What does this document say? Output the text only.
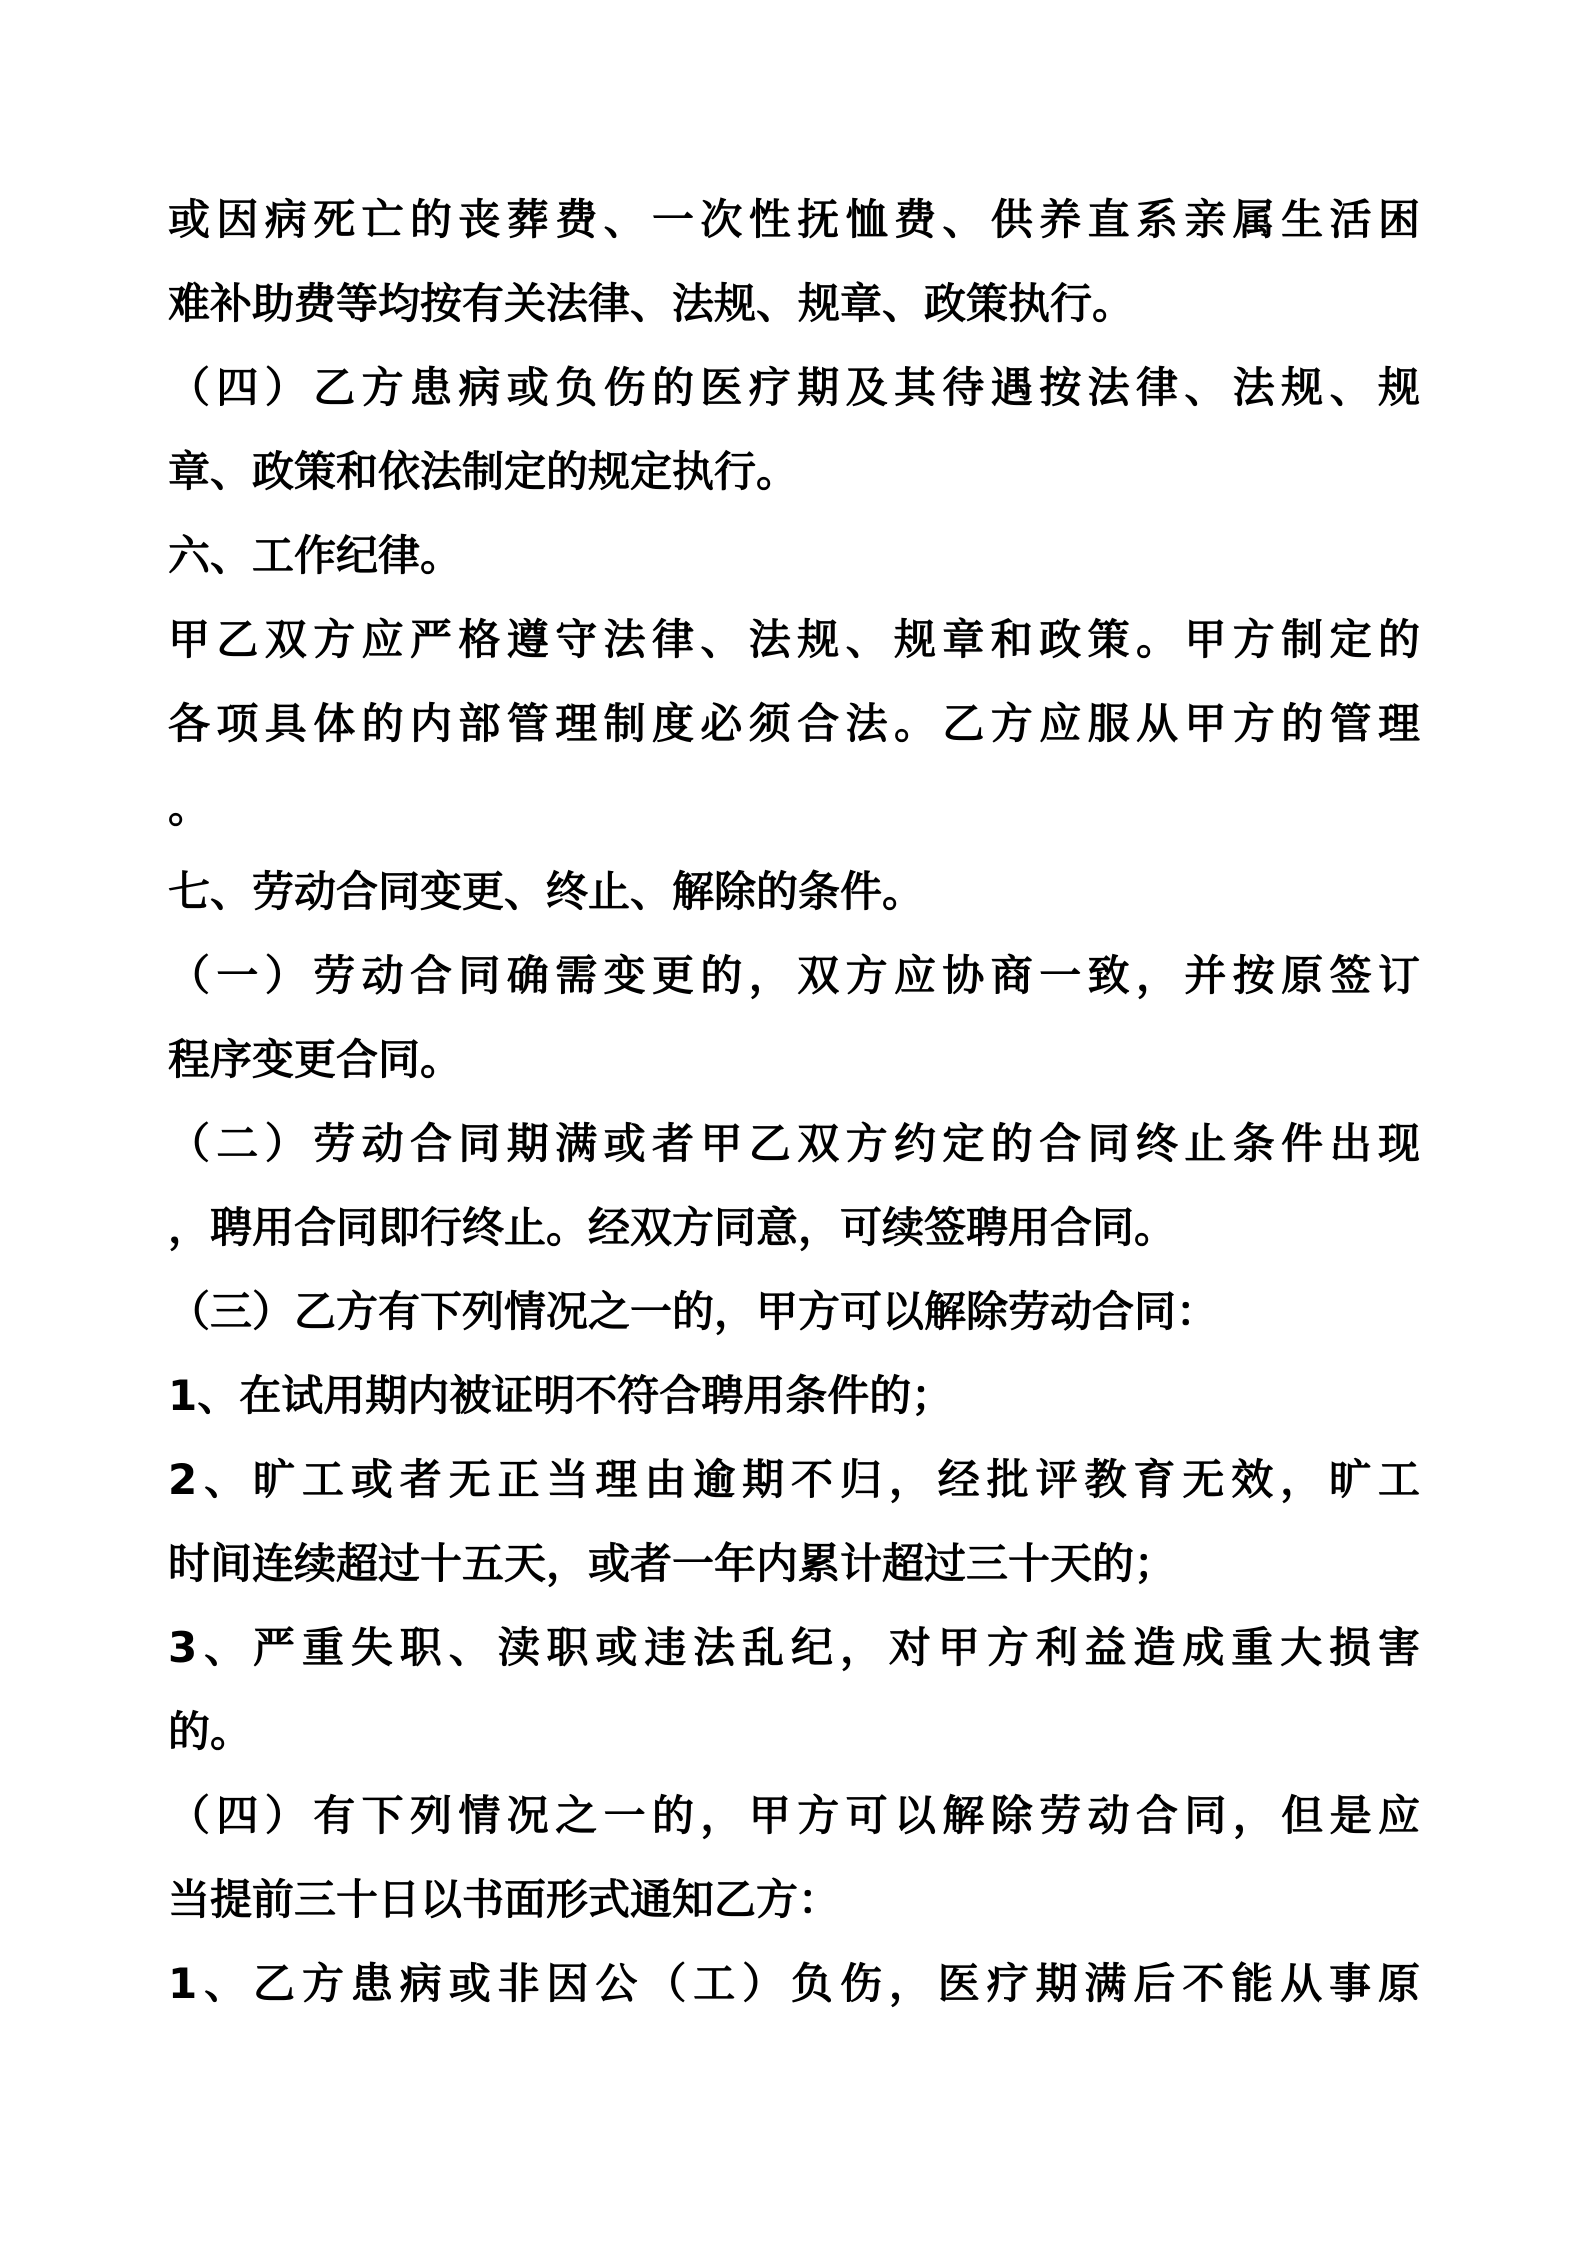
或因病死亡的丧葬费、一次性抚恤费、供养直系亲属生活困
难补助费等均按有关法律、法规、规章、政策执行。
（四）乙方患病或负伤的医疗期及其待遇按法律、法规、规
章、政策和依法制定的规定执行。
六、工作纪律。
甲乙双方应严格遵守法律、法规、规章和政策。甲方制定的
各项具体的内部管理制度必须合法。乙方应服从甲方的管理
。
七、劳动合同变更、终止、解除的条件。
（一）劳动合同确需变更的，双方应协商一致，并按原签订
程序变更合同。
（二）劳动合同期满或者甲乙双方约定的合同终止条件出现
，聘用合同即行终止。经双方同意，可续签聘用合同。
（三）乙方有下列情况之一的，甲方可以解除劳动合同：
1、在试用期内被证明不符合聘用条件的；
2、旷工或者无正当理由逾期不归，经批评教育无效，旷工
时间连续超过十五天，或者一年内累计超过三十天的；
3、严重失职、渎职或违法乱纪，对甲方利益造成重大损害
的。
（四）有下列情况之一的，甲方可以解除劳动合同，但是应
当提前三十日以书面形式通知乙方：
1、乙方患病或非因公（工）负伤，医疗期满后不能从事原
